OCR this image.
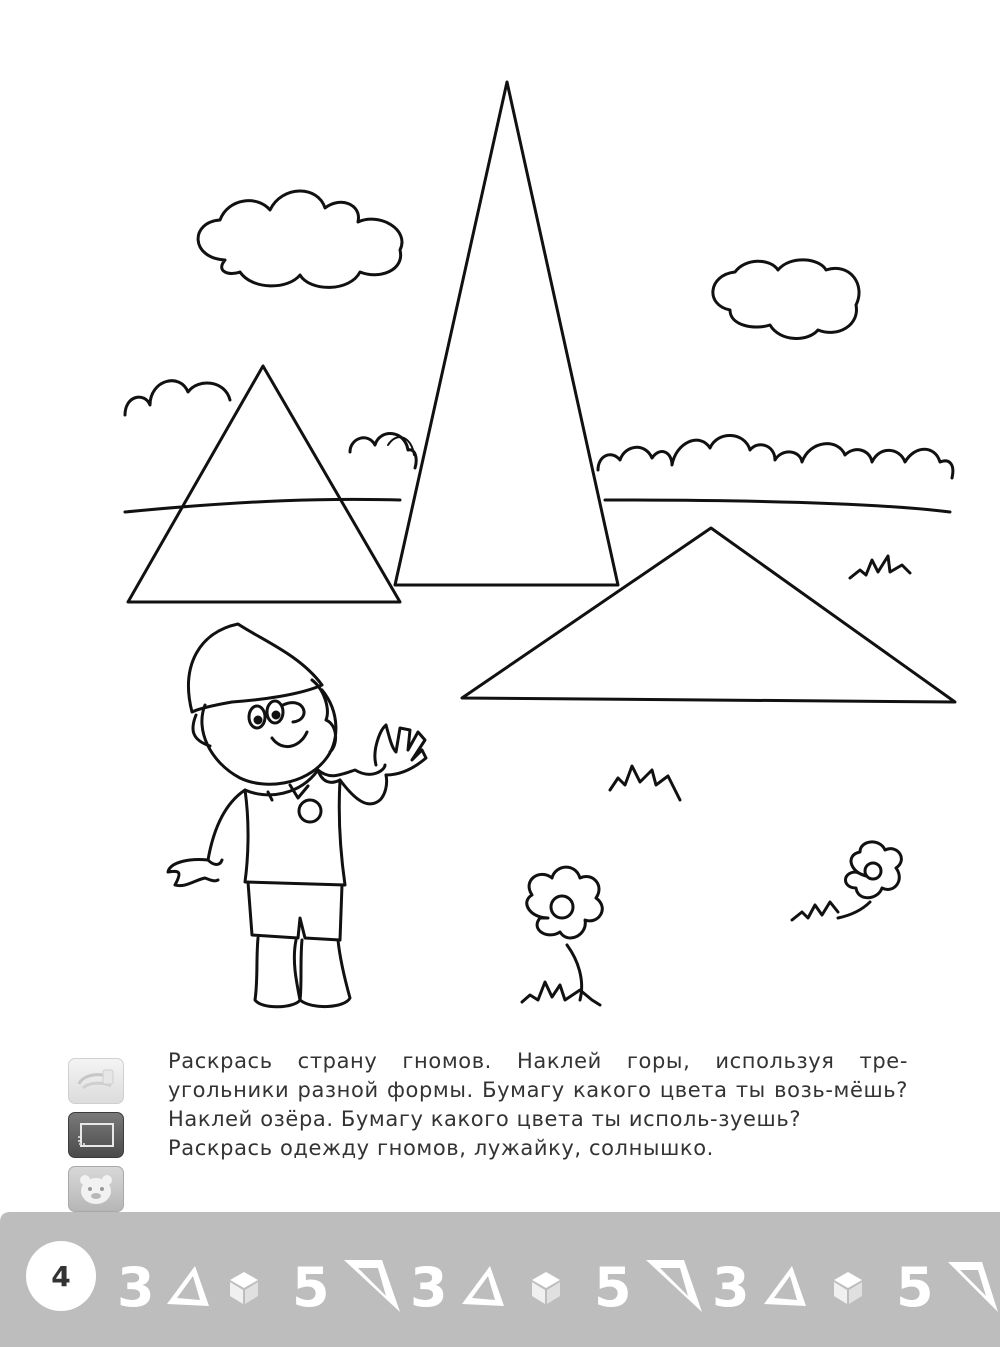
Раскрась страну гномов. Наклей горы, используя тре-угольники разной формы. Бумагу какого цвета ты возь-мёшь? Наклей озёра. Бумагу какого цвета ты исполь-зуешь?

Раскрась одежду гномов, лужайку, солнышко.

3	5 3	5 3	5
4
